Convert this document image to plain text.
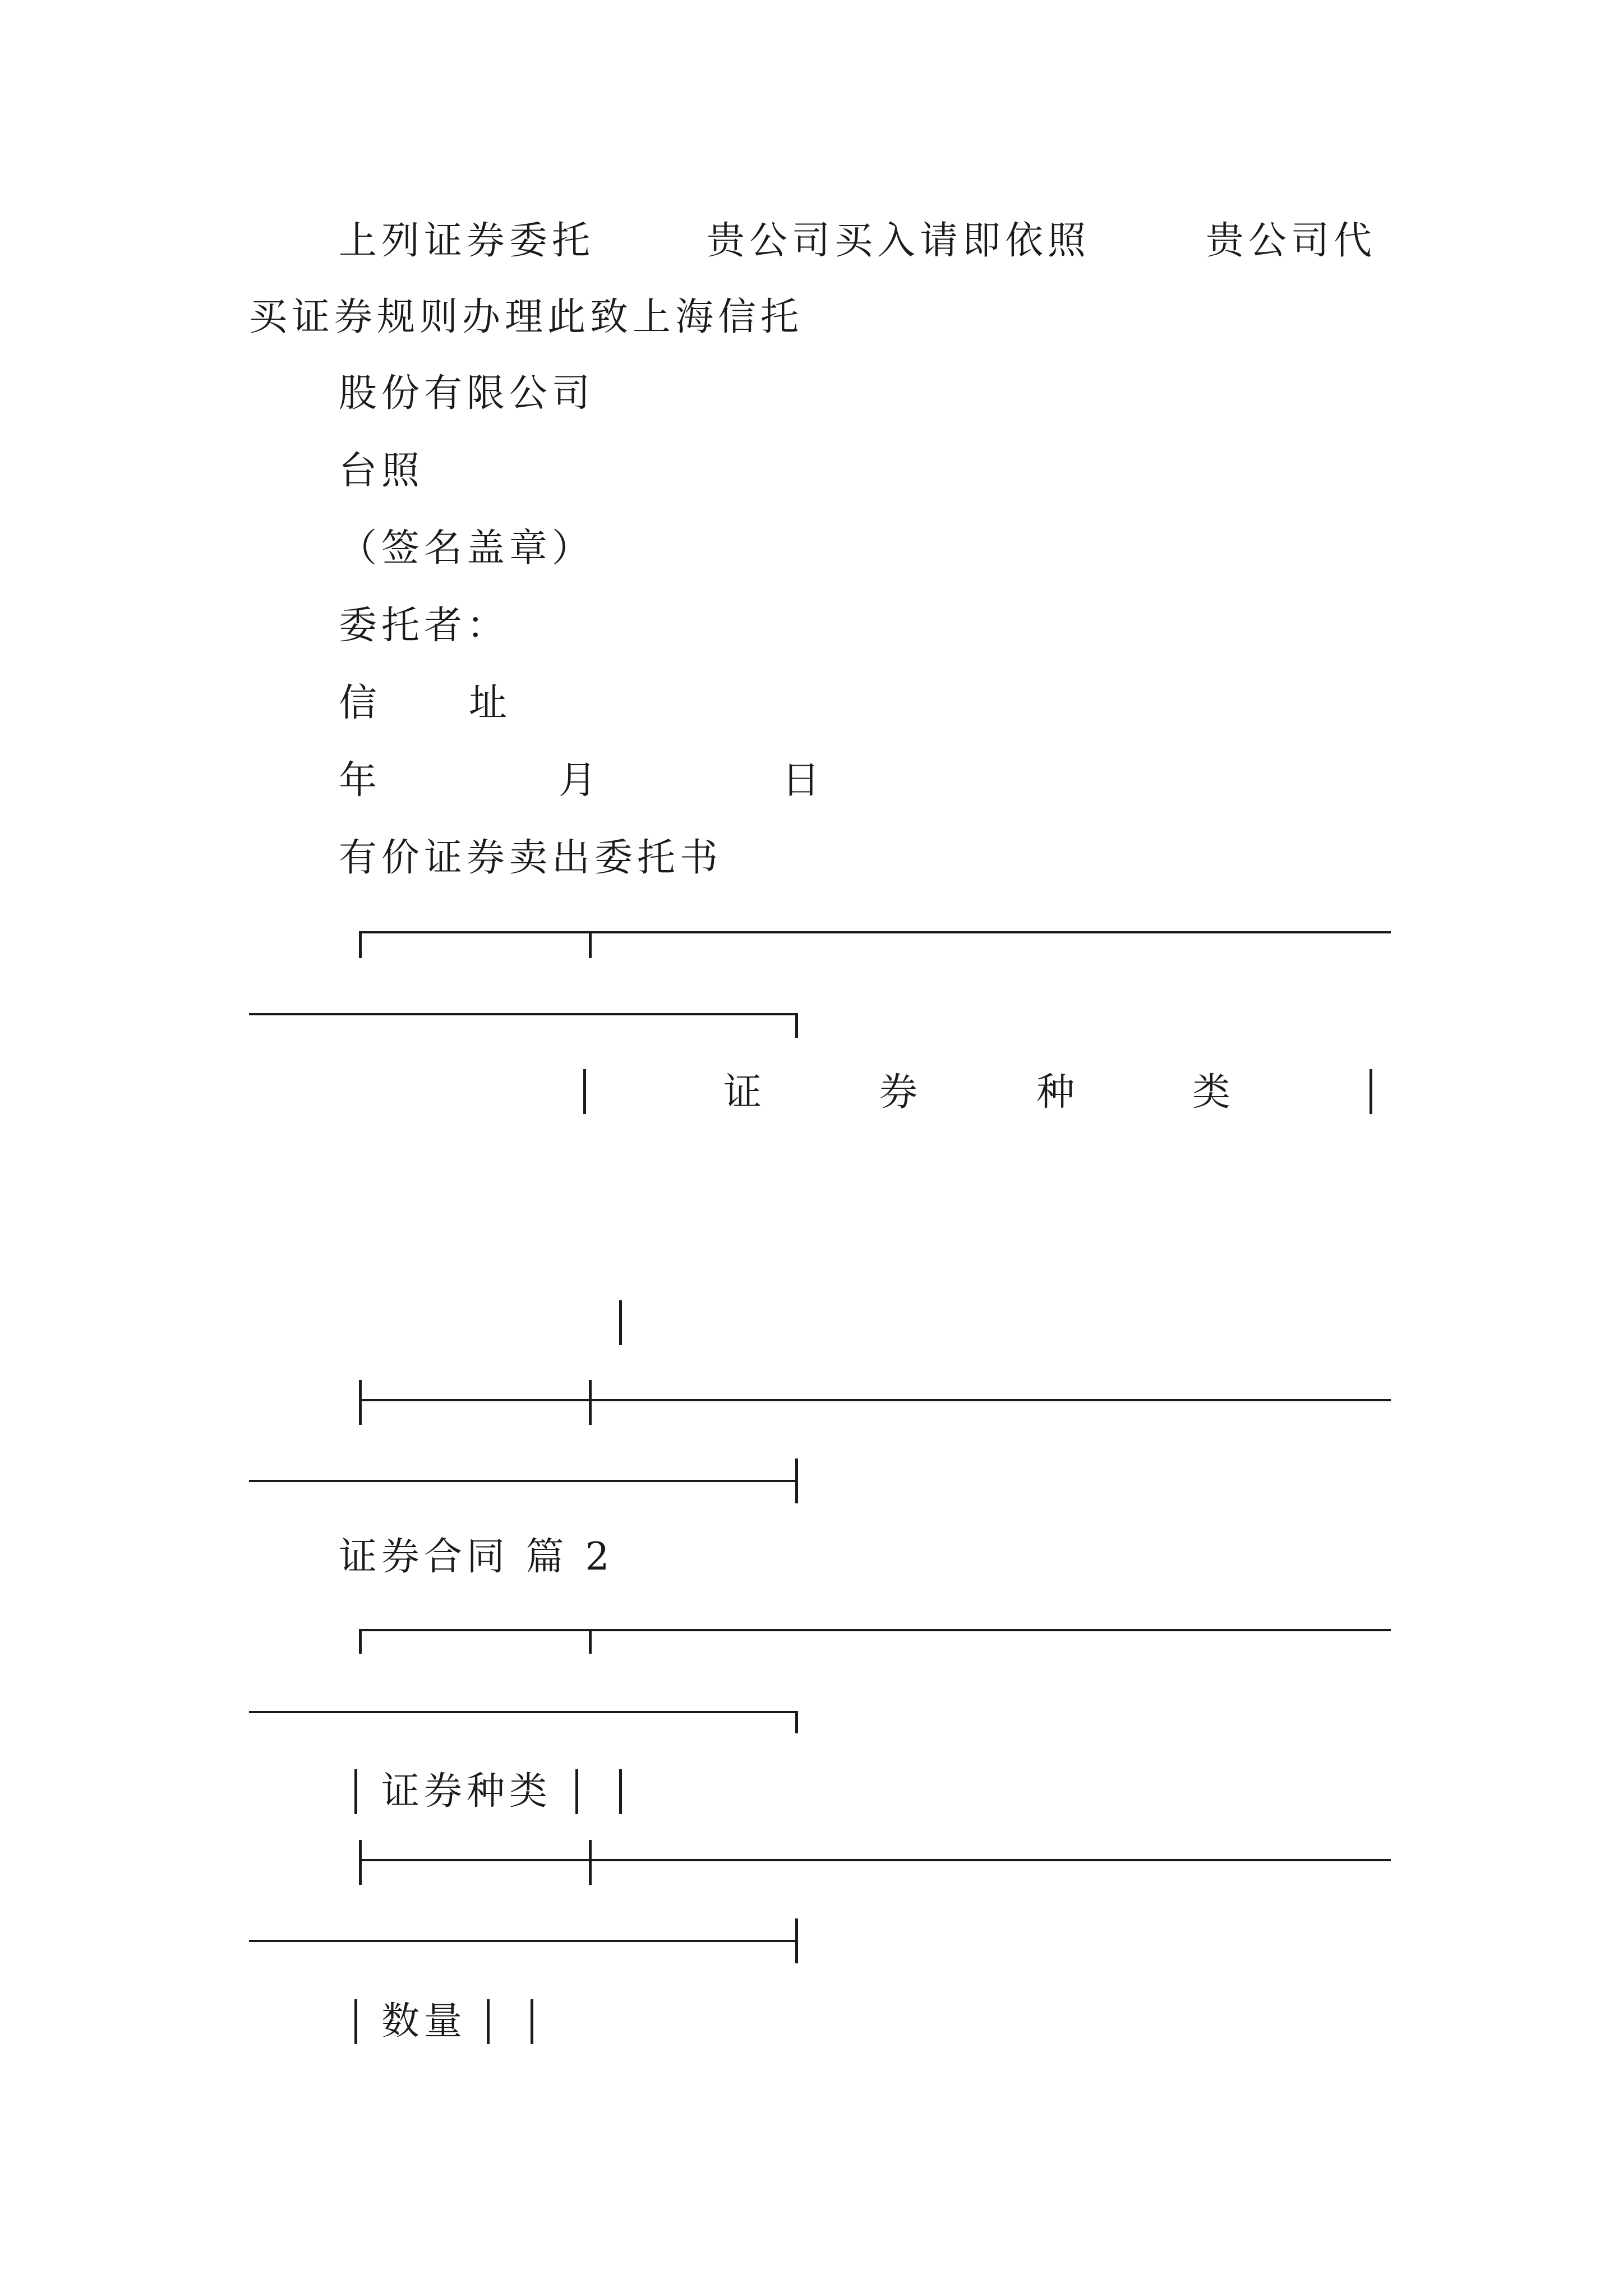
上列证券委托	贵公司买入请即依照	贵公司代
买证券规则办理此致上海信托
股份有限公司
台照
（签名盖章）
委托者：
信 址
年	月	日
有价证券卖出委托书
证	券	种	类
证券合同 篇 2
证券种类
数量
